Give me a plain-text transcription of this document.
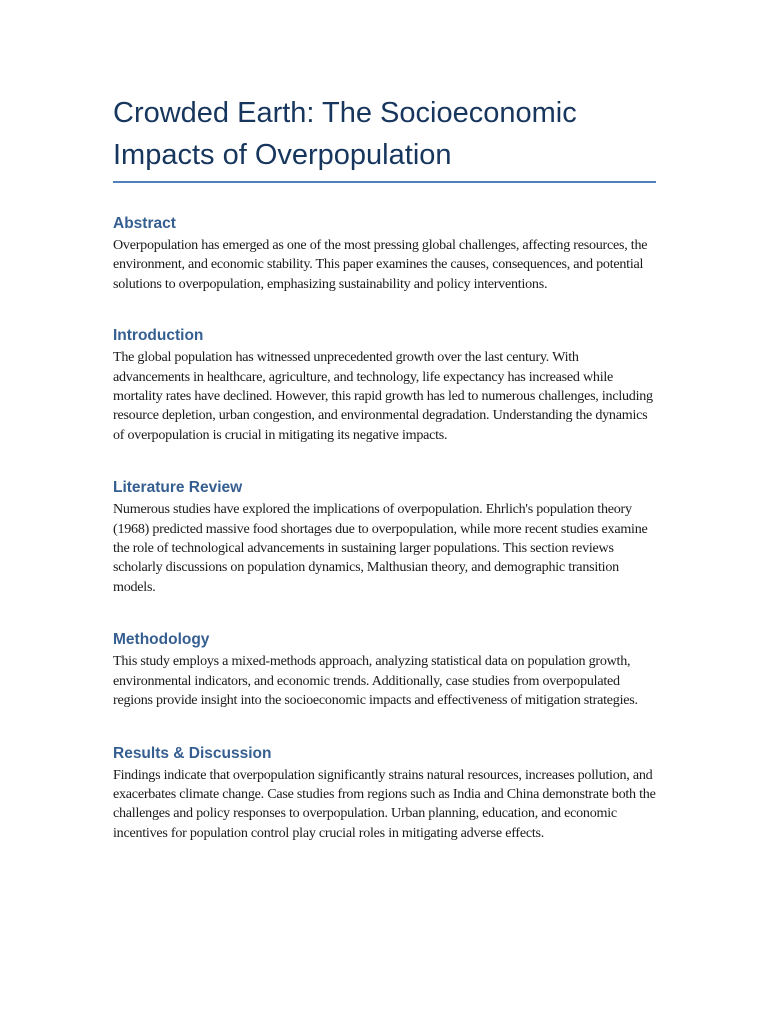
Crowded Earth: The Socioeconomic Impacts of Overpopulation
Abstract

Overpopulation has emerged as one of the most pressing global challenges, affecting resources, the environment, and economic stability. This paper examines the causes, consequences, and potential solutions to overpopulation, emphasizing sustainability and policy interventions.

Introduction

The global population has witnessed unprecedented growth over the last century. With advancements in healthcare, agriculture, and technology, life expectancy has increased while mortality rates have declined. However, this rapid growth has led to numerous challenges, including resource depletion, urban congestion, and environmental degradation. Understanding the dynamics of overpopulation is crucial in mitigating its negative impacts.

Literature Review

Numerous studies have explored the implications of overpopulation. Ehrlich's population theory (1968) predicted massive food shortages due to overpopulation, while more recent studies examine the role of technological advancements in sustaining larger populations. This section reviews scholarly discussions on population dynamics, Malthusian theory, and demographic transition models.

Methodology

This study employs a mixed-methods approach, analyzing statistical data on population growth, environmental indicators, and economic trends. Additionally, case studies from overpopulated regions provide insight into the socioeconomic impacts and effectiveness of mitigation strategies.

Results & Discussion

Findings indicate that overpopulation significantly strains natural resources, increases pollution, and exacerbates climate change. Case studies from regions such as India and China demonstrate both the challenges and policy responses to overpopulation. Urban planning, education, and economic incentives for population control play crucial roles in mitigating adverse effects.
